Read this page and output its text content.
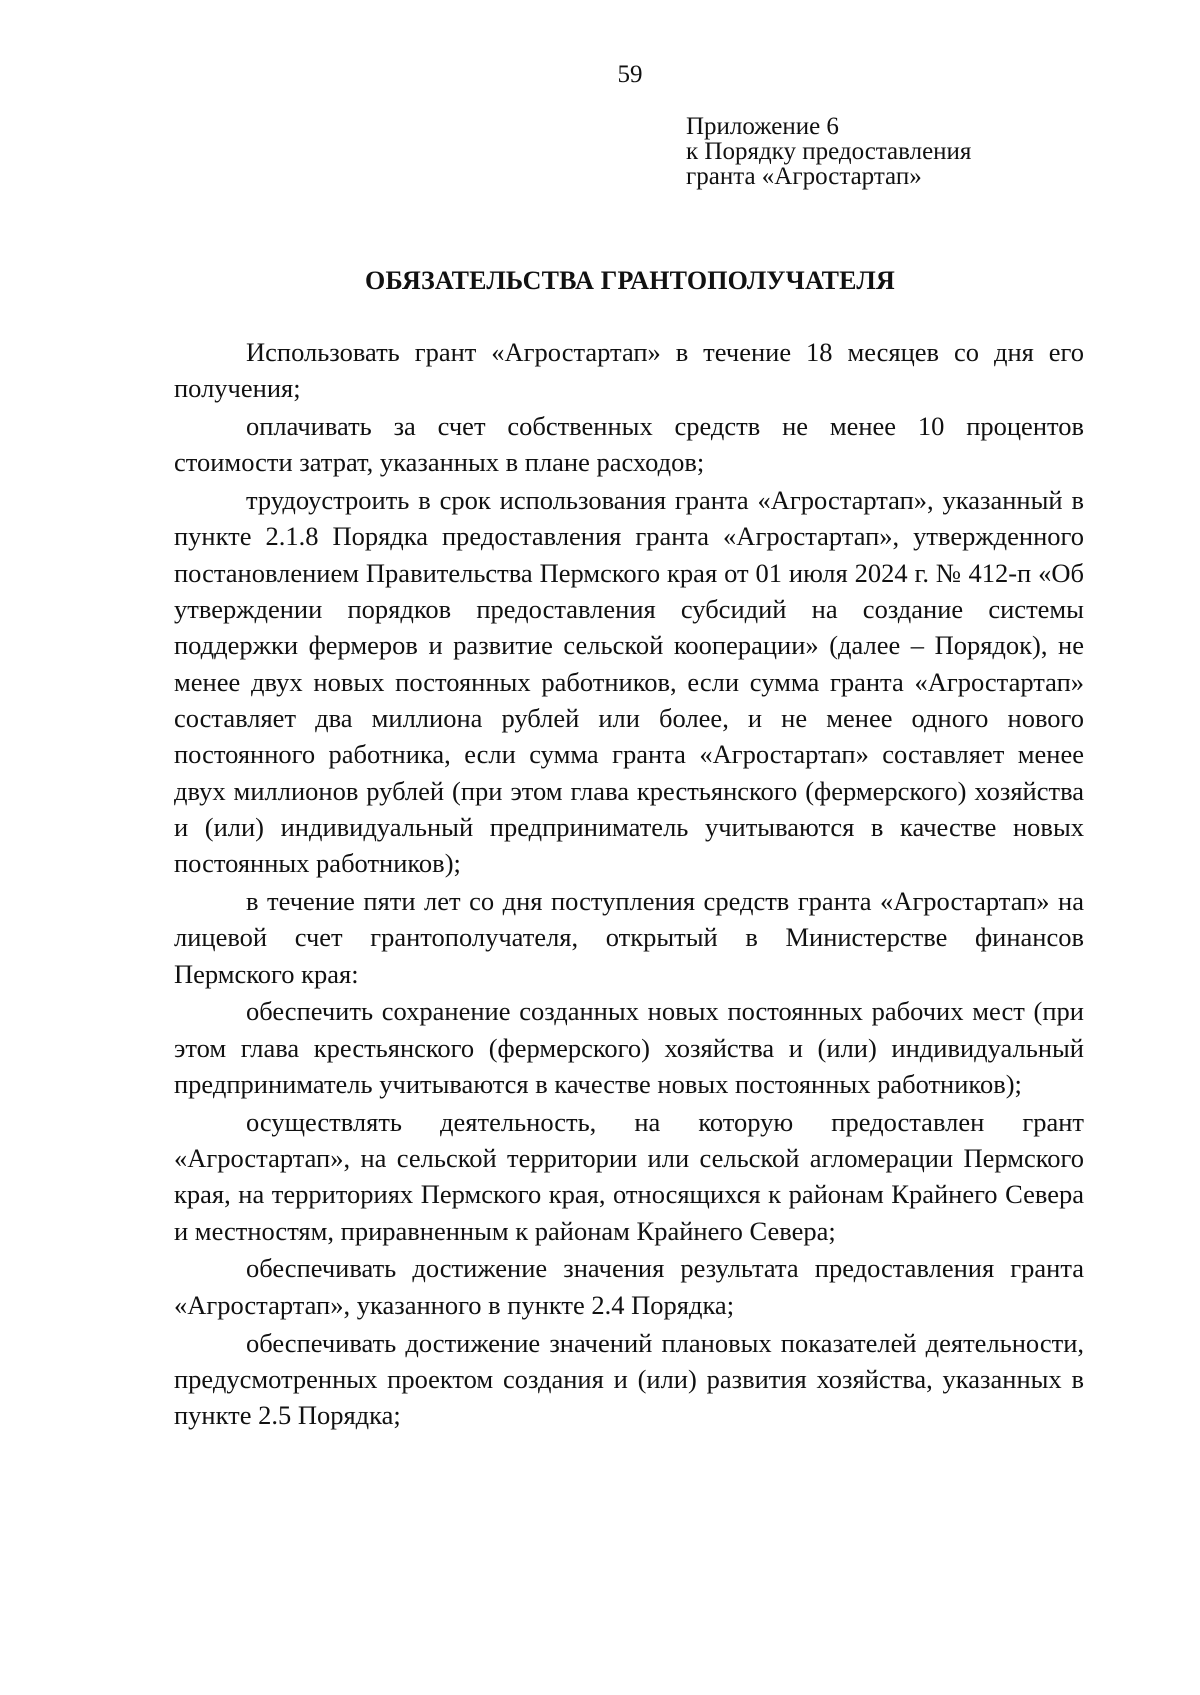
59
Приложение 6
к Порядку предоставления
гранта «Агростартап»
ОБЯЗАТЕЛЬСТВА ГРАНТОПОЛУЧАТЕЛЯ

Использовать грант «Агростартап» в течение 18 месяцев со дня его получения;

оплачивать за счет собственных средств не менее 10 процентов стоимости затрат, указанных в плане расходов;

трудоустроить в срок использования гранта «Агростартап», указанный в пункте 2.1.8 Порядка предоставления гранта «Агростартап», утвержденного постановлением Правительства Пермского края от 01 июля 2024 г. № 412-п «Об утверждении порядков предоставления субсидий на создание системы поддержки фермеров и развитие сельской кооперации» (далее – Порядок), не менее двух новых постоянных работников, если сумма гранта «Агростартап» составляет два миллиона рублей или более, и не менее одного нового постоянного работника, если сумма гранта «Агростартап» составляет менее двух миллионов рублей (при этом глава крестьянского (фермерского) хозяйства и (или) индивидуальный предприниматель учитываются в качестве новых постоянных работников);

в течение пяти лет со дня поступления средств гранта «Агростартап» на лицевой счет грантополучателя, открытый в Министерстве финансов Пермского края:

обеспечить сохранение созданных новых постоянных рабочих мест (при этом глава крестьянского (фермерского) хозяйства и (или) индивидуальный предприниматель учитываются в качестве новых постоянных работников);

осуществлять деятельность, на которую предоставлен грант «Агростартап», на сельской территории или сельской агломерации Пермского края, на территориях Пермского края, относящихся к районам Крайнего Севера и местностям, приравненным к районам Крайнего Севера;

обеспечивать достижение значения результата предоставления гранта «Агростартап», указанного в пункте 2.4 Порядка;

обеспечивать достижение значений плановых показателей деятельности, предусмотренных проектом создания и (или) развития хозяйства, указанных в пункте 2.5 Порядка;
